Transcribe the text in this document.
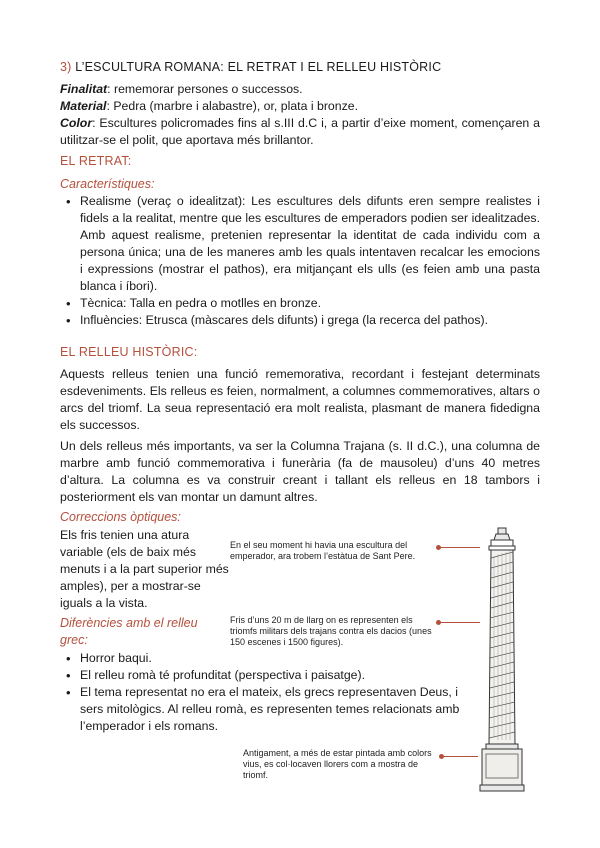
3) L’ESCULTURA ROMANA: EL RETRAT I EL RELLEU HISTÒRIC
Finalitat: rememorar persones o successos.
Material: Pedra (marbre i alabastre), or, plata i bronze.
Color: Escultures policromades fins al s.III d.C i, a partir d’eixe moment, començaren a utilitzar-se el polit, que aportava més brillantor.
EL RETRAT:
Característiques:
• Realisme (veraç o idealitzat): Les escultures dels difunts eren sempre realistes i fidels a la realitat, mentre que les escultures de emperadors podien ser idealitzades. Amb aquest realisme, pretenien representar la identitat de cada individu com a persona única; una de les maneres amb les quals intentaven recalcar les emocions i expressions (mostrar el pathos), era mitjançant els ulls (es feien amb una pasta blanca i íbori).
• Tècnica: Talla en pedra o motlles en bronze.
• Influències: Etrusca (màscares dels difunts) i grega (la recerca del pathos).
EL RELLEU HISTÒRIC:

Aquests relleus tenien una funció rememorativa, recordant i festejant determinats esdeveniments. Els relleus es feien, normalment, a columnes commemoratives, altars o arcs del triomf. La seua representació era molt realista, plasmant de manera fidedigna els successos.

Un dels relleus més importants, va ser la Columna Trajana (s. II d.C.), una columna de marbre amb funció commemorativa i funerària (fa de mausoleu) d’uns 40 metres d’altura. La columna es va construir creant i tallant els relleus en 18 tambors i posteriorment els van montar un damunt altres.

Correccions òptiques:

Els fris tenien una atura variable (els de baix més menuts i a la part superior més amples), per a mostrar-se iguals a la vista.

Diferències amb el relleu grec:
• Horror baqui.
• El relleu romà té profunditat (perspectiva i paisatge).
• El tema representat no era el mateix, els grecs representaven Deus, i sers mitològics. Al relleu romà, es representen temes relacionats amb l’emperador i els romans.
En el seu moment hi havia una escultura del emperador, ara trobem l’estàtua de Sant Pere.
Fris d’uns 20 m de llarg on es representen els triomfs militars dels trajans contra els dacios (unes 150 escenes i 1500 figures).
Antigament, a més de estar pintada amb colors vius, es col·locaven llorers com a mostra de triomf.
